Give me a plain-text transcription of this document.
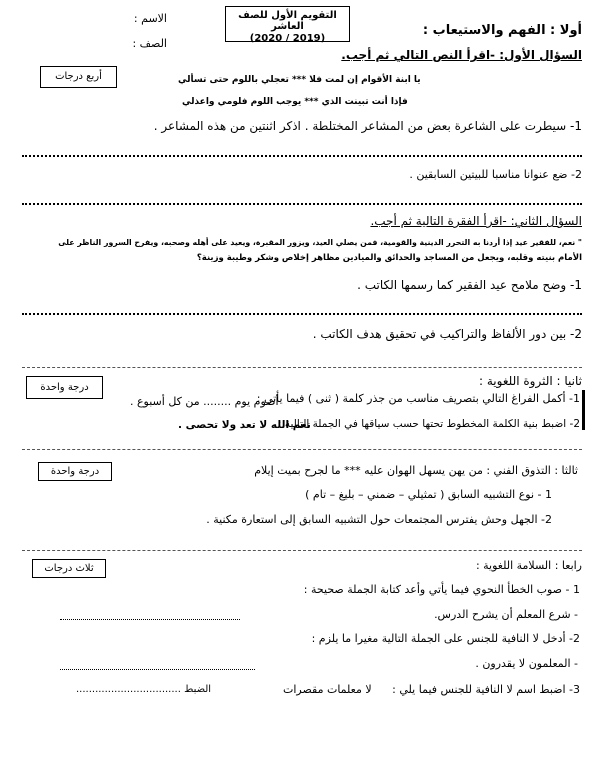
الاسم :
الصف :
التقويم الأول للصف العاشر
(2020 / 2019)
أولا : الفهم والاستيعاب :
أربع درجات
السؤال الأول: -اقرأ النص التالي ثم أجب.
يا ابنة الأقوام إن لمت فلا *** تعجلي باللوم حتى تسألي
فإذا أنت تبينت الذي *** يوجب اللوم فلومي واعذلي
1- سيطرت على الشاعرة بعض من المشاعر المختلطة . اذكر اثنتين من هذه المشاعر .
2- ضع عنوانا مناسبا للبيتين السابقين .
السؤال الثاني: -اقرأ الفقرة التالية ثم أجب.
" نعم، للفقير عيد إذا أردنا به التحرر الدينية والقومية، فمن يصلي العيد، ويزور المقبرة، ويعيد على أهله وصحبه، ويفرح السرور الناظر على
الأمام بنيته وقلبه، ويجعل من المساجد والحدائق والميادين مظاهر إخلاص وشكر وطيبة وزينة؟
1- وضح ملامح عيد الفقير كما رسمها الكاتب .
2- بين دور الألفاظ والتراكيب في تحقيق هدف الكاتب .
درجة واحدة	ثانيا : الثروة اللغوية :
1- أكمل الفراغ التالي بتصريف مناسب من جذر كلمة ( ثنى ) فيما يأتي :
أصوم يوم ........ من كل أسبوع .
2- اضبط بنية الكلمة المخطوط تحتها حسب سياقها في الجملة التالية :
نعم الله لا تعد ولا تحصى .
درجة واحدة	ثالثا : التذوق الفني : من يهن يسهل الهوان عليه *** ما لجرح بميت إيلام
1 - نوع التشبيه السابق ( تمثيلي – ضمني – بليغ – تام )
2- الجهل وحش يفترس المجتمعات حول التشبيه السابق إلى استعارة مكنية .
ثلاث درجات	رابعا : السلامة اللغوية :
1 - صوب الخطأ النحوي فيما يأتي وأعد كتابة الجملة صحيحة :
- شرع المعلم أن يشرح الدرس.
2- أدخل لا النافية للجنس على الجملة التالية مغيرا ما يلزم :
- المعلمون لا يقدرون .
3- اضبط اسم لا النافية للجنس فيما يلي :
لا معلمات مقصرات
الضبط .................................
